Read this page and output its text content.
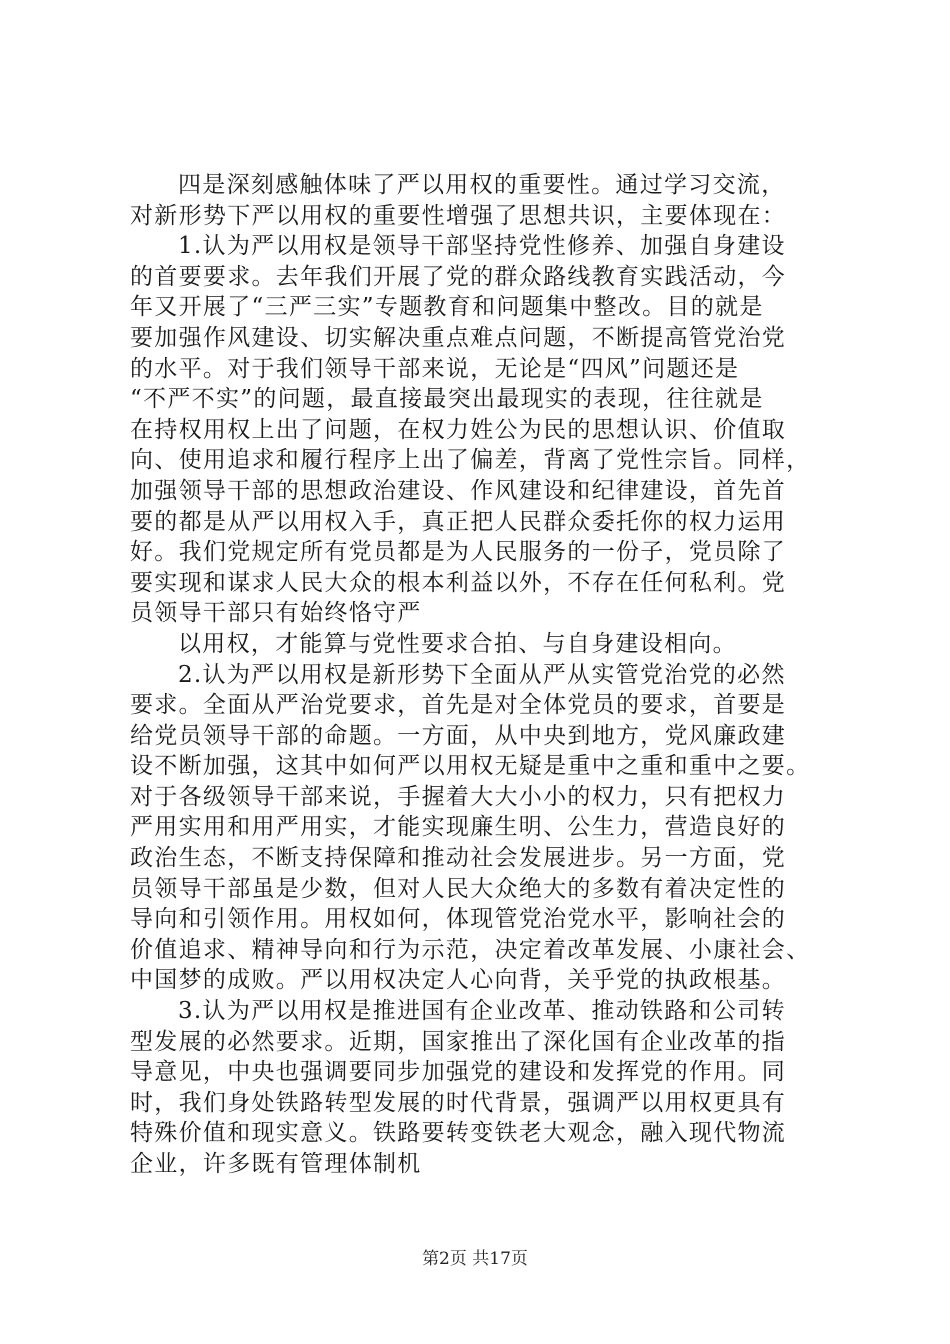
四是深刻感触体味了严以用权的重要性。通过学习交流，
对新形势下严以用权的重要性增强了思想共识，主要体现在：
1.认为严以用权是领导干部坚持党性修养、加强自身建设
的首要要求。去年我们开展了党的群众路线教育实践活动，今
年又开展了“三严三实”专题教育和问题集中整改。目的就是
要加强作风建设、切实解决重点难点问题，不断提高管党治党
的水平。对于我们领导干部来说，无论是“四风”问题还是
“不严不实”的问题，最直接最突出最现实的表现，往往就是
在持权用权上出了问题，在权力姓公为民的思想认识、价值取
向、使用追求和履行程序上出了偏差，背离了党性宗旨。同样，
加强领导干部的思想政治建设、作风建设和纪律建设，首先首
要的都是从严以用权入手，真正把人民群众委托你的权力运用
好。我们党规定所有党员都是为人民服务的一份子，党员除了
要实现和谋求人民大众的根本利益以外，不存在任何私利。党
员领导干部只有始终恪守严
以用权，才能算与党性要求合拍、与自身建设相向。
2.认为严以用权是新形势下全面从严从实管党治党的必然
要求。全面从严治党要求，首先是对全体党员的要求，首要是
给党员领导干部的命题。一方面，从中央到地方，党风廉政建
设不断加强，这其中如何严以用权无疑是重中之重和重中之要。
对于各级领导干部来说，手握着大大小小的权力，只有把权力
严用实用和用严用实，才能实现廉生明、公生力，营造良好的
政治生态，不断支持保障和推动社会发展进步。另一方面，党
员领导干部虽是少数，但对人民大众绝大的多数有着决定性的
导向和引领作用。用权如何，体现管党治党水平，影响社会的
价值追求、精神导向和行为示范，决定着改革发展、小康社会、
中国梦的成败。严以用权决定人心向背，关乎党的执政根基。
3.认为严以用权是推进国有企业改革、推动铁路和公司转
型发展的必然要求。近期，国家推出了深化国有企业改革的指
导意见，中央也强调要同步加强党的建设和发挥党的作用。同
时，我们身处铁路转型发展的时代背景，强调严以用权更具有
特殊价值和现实意义。铁路要转变铁老大观念，融入现代物流
企业，许多既有管理体制机
第2页 共17页
